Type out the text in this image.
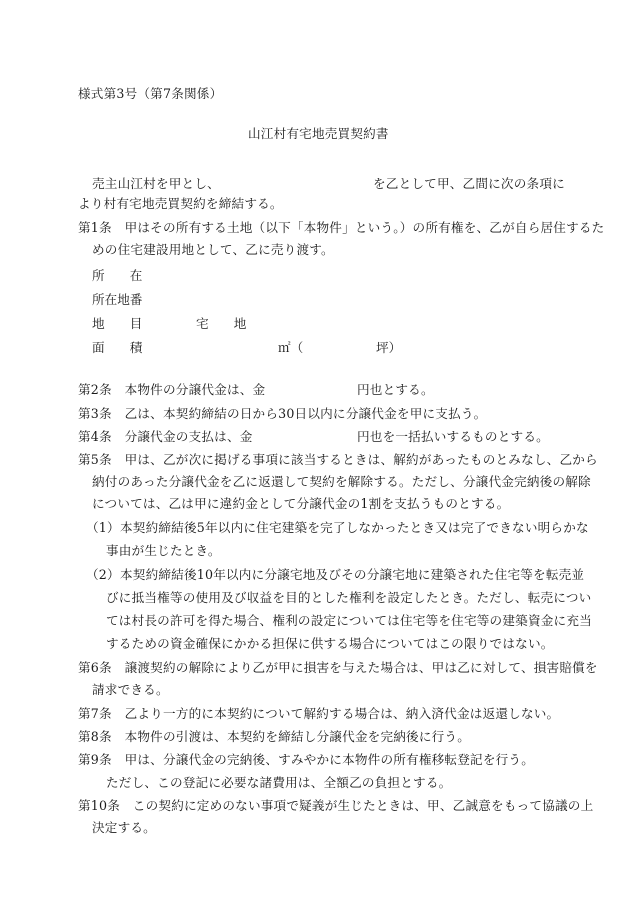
様式第3号（第7条関係）
山江村有宅地売買契約書
売主山江村を甲とし、	を乙として甲、乙間に次の条項に
より村有宅地売買契約を締結する。
第1条　甲はその所有する土地（以下「本物件」という。）の所有権を、乙が自ら居住するた
めの住宅建設用地として、乙に売り渡す。
所　　在
所在地番
地　　目	宅　　地
面　　積	㎡（	坪）
第2条　本物件の分譲代金は、金	円也とする。
第3条　乙は、本契約締結の日から30日以内に分譲代金を甲に支払う。
第4条　分譲代金の支払は、金	円也を一括払いするものとする。
第5条　甲は、乙が次に掲げる事項に該当するときは、解約があったものとみなし、乙から
納付のあった分譲代金を乙に返還して契約を解除する。ただし、分譲代金完納後の解除
については、乙は甲に違約金として分譲代金の1割を支払うものとする。
（1） 本契約締結後5年以内に住宅建築を完了しなかったとき又は完了できない明らかな
事由が生じたとき。
（2） 本契約締結後10年以内に分譲宅地及びその分譲宅地に建築された住宅等を転売並
びに抵当権等の使用及び収益を目的とした権利を設定したとき。ただし、転売につい
ては村長の許可を得た場合、権利の設定については住宅等を住宅等の建築資金に充当
するための資金確保にかかる担保に供する場合についてはこの限りではない。
第6条　譲渡契約の解除により乙が甲に損害を与えた場合は、甲は乙に対して、損害賠償を
請求できる。
第7条　乙より一方的に本契約について解約する場合は、納入済代金は返還しない。
第8条　本物件の引渡は、本契約を締結し分譲代金を完納後に行う。
第9条　甲は、分譲代金の完納後、すみやかに本物件の所有権移転登記を行う。
ただし、この登記に必要な諸費用は、全額乙の負担とする。
第10条　この契約に定めのない事項で疑義が生じたときは、甲、乙誠意をもって協議の上
決定する。
